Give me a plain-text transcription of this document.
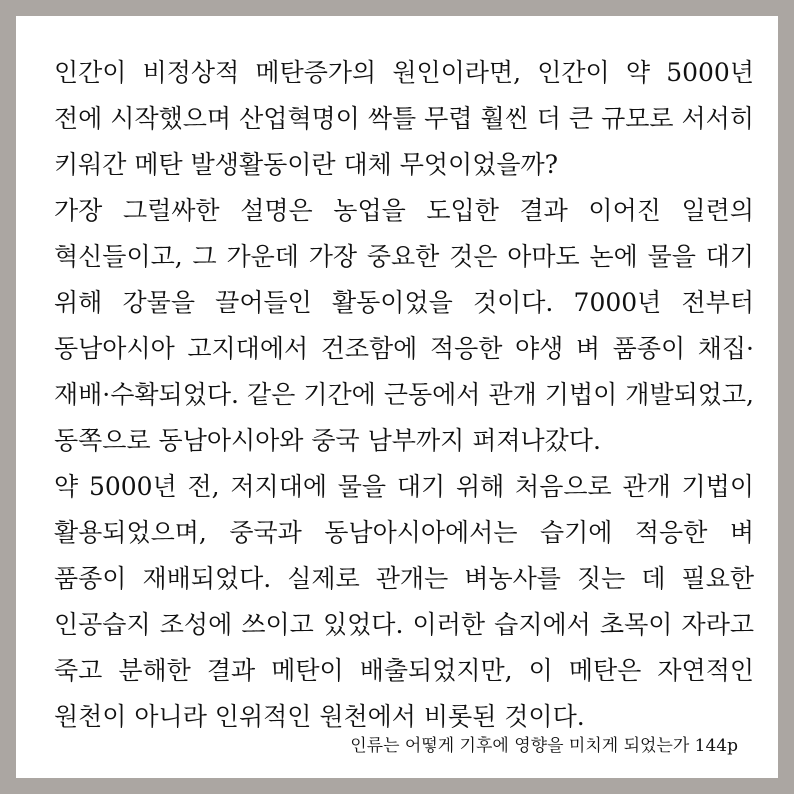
인간이 비정상적 메탄증가의 원인이라면, 인간이 약 5000년 전에 시작했으며 산업혁명이 싹틀 무렵 훨씬 더 큰 규모로 서서히 키워간 메탄 발생활동이란 대체 무엇이었을까?

가장 그럴싸한 설명은 농업을 도입한 결과 이어진 일련의 혁신들이고, 그 가운데 가장 중요한 것은 아마도 논에 물을 대기 위해 강물을 끌어들인 활동이었을 것이다. 7000년 전부터 동남아시아 고지대에서 건조함에 적응한 야생 벼 품종이 채집·재배·수확되었다. 같은 기간에 근동에서 관개 기법이 개발되었고, 동쪽으로 동남아시아와 중국 남부까지 퍼져나갔다.

약 5000년 전, 저지대에 물을 대기 위해 처음으로 관개 기법이 활용되었으며, 중국과 동남아시아에서는 습기에 적응한 벼 품종이 재배되었다. 실제로 관개는 벼농사를 짓는 데 필요한 인공습지 조성에 쓰이고 있었다. 이러한 습지에서 초목이 자라고 죽고 분해한 결과 메탄이 배출되었지만, 이 메탄은 자연적인 원천이 아니라 인위적인 원천에서 비롯된 것이다.

인류는 어떻게 기후에 영향을 미치게 되었는가 144p
